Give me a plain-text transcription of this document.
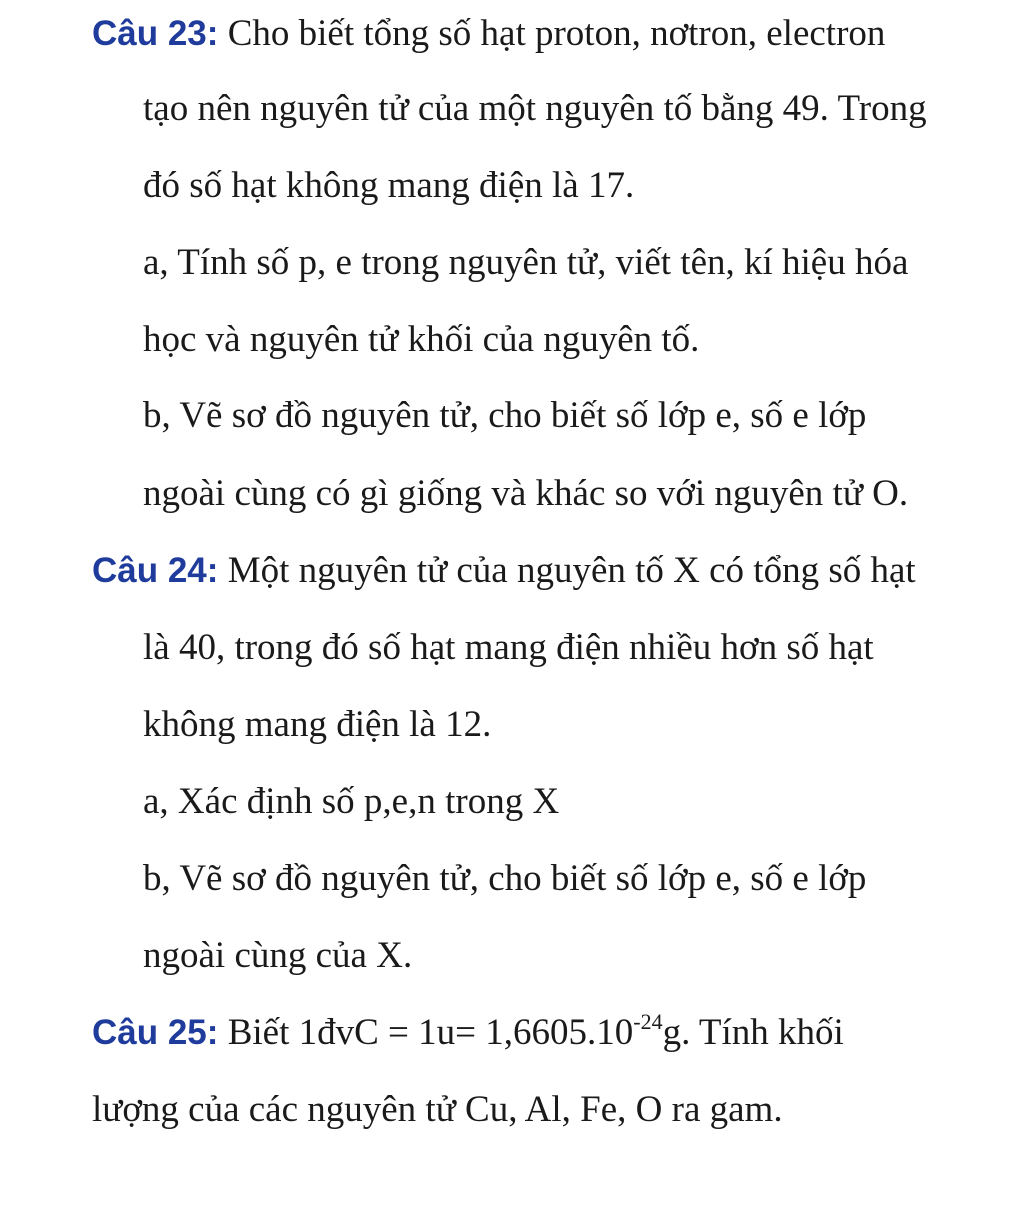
Câu 23: Cho biết tổng số hạt proton, nơtron, electron
tạo nên nguyên tử của một nguyên tố bằng 49. Trong
đó số hạt không mang điện là 17.
a, Tính số p, e trong nguyên tử, viết tên, kí hiệu hóa
học và nguyên tử khối của nguyên tố.
b, Vẽ sơ đồ nguyên tử, cho biết số lớp e, số e lớp
ngoài cùng có gì giống và khác so với nguyên tử O.
Câu 24: Một nguyên tử của nguyên tố X có tổng số hạt
là 40, trong đó số hạt mang điện nhiều hơn số hạt
không mang điện là 12.
a, Xác định số p,e,n trong X
b, Vẽ sơ đồ nguyên tử, cho biết số lớp e, số e lớp
ngoài cùng của X.
Câu 25: Biết 1đvC = $1u= 1,6605.10^{-24}g$. Tính khối
lượng của các nguyên tử Cu, Al, Fe, O ra gam.
